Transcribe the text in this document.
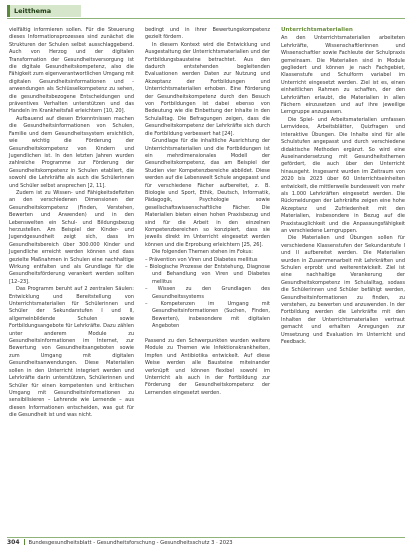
Leitthema

vielfältig informieren sollen. Für die Steuerung dieses Informationsprozesses sind zunächst die Strukturen der Schulen selbst ausschlaggebend. Auch von Herzog und der digitalen Transformation der Gesundheitsversorgung ist die digitale Gesundheitskompetenz, also die Fähigkeit zum eigenverantwortlichen Umgang mit digitalen Gesundheitsinformationen und -anwendungen als Schlüsselkompetenz zu sehen, die gesundheitsbezogene Entscheidungen und präventives Verhalten unterstützen und das Handeln im Krankheitsfall erleichtern [10, 20].

Aufbauend auf diesen Erkenntnissen machen die Gesundheitsinformationen von Schulen, Familie und dem Gesundheitssystem ersichtlich, wie wichtig die Förderung der Gesundheitskompetenz von Kindern und Jugendlichen ist. In den letzten Jahren wurden zahlreiche Programme zur Förderung der Gesundheitskompetenz in Schulen etabliert, die sowohl die Lehrkräfte als auch die Schülerinnen und Schüler selbst ansprechen [2, 11].

Zudem ist zu Wissen- und Fähigkeitsdefiziten an den verschiedenen Dimensionen der Gesundheitskompetenz (Finden, Verstehen, Bewerten und Anwenden) und in den Lebenswelten ein Schul- und Bildungsbezug herzustellen. Am Beispiel der Kinder- und Jugendgesundheit zeigt sich, dass im Gesundheitsbereich über 300.000 Kinder und Jugendliche erreicht werden können und dass gezielte Maßnahmen in Schulen eine nachhaltige Wirkung entfalten und als Grundlage für die Gesundheitsförderung verankert werden sollten [12–23].

Das Programm beruht auf 2 zentralen Säulen: Entwicklung und Bereitstellung von Unterrichtsmaterialien für Schülerinnen und Schüler der Sekundarstufen I und II, allgemeinbildende Schulen sowie Fortbildungsangebote für Lehrkräfte. Dazu zählen unter anderem Module zu Gesundheitsinformationen im Internet, zur Bewertung von Gesundheitsangeboten sowie zum Umgang mit digitalen Gesundheitsanwendungen. Diese Materialien sollen in den Unterricht integriert werden und Lehrkräfte darin unterstützen, Schülerinnen und Schüler für einen kompetenten und kritischen Umgang mit Gesundheitsinformationen zu sensibilisieren – Lehrende wie Lernende – aus diesen Informationen entscheiden, was gut für die Gesundheit ist und was nicht.

bedingt und in ihrer Bewertungskompetenz gezielt fördern.

In diesem Kontext wird die Entwicklung und Ausgestaltung der Unterrichtsmaterialien und der Fortbildungsbausteine betrachtet. Aus den dadurch entstehenden begleitenden Evaluationen werden Daten zur Nutzung und Akzeptanz der Fortbildungen und Unterrichtsmaterialien erhoben. Eine Förderung der Gesundheitskompetenz durch den Besuch von Fortbildungen ist dabei ebenso von Bedeutung wie die Einbettung der Inhalte in den Schulalltag. Die Befragungen zeigen, dass die Gesundheitskompetenz der Lehrkräfte sich durch die Fortbildung verbessert hat [24].

Grundlage für die inhaltliche Ausrichtung der Unterrichtsmaterialien und die Fortbildungen ist ein mehrdimensionales Modell der Gesundheitskompetenz, das am Beispiel der Studien vier Kompetenzbereiche abbildet. Diese werden auf die Lebenswelt Schule angepasst und für verschiedene Fächer aufbereitet, z. B. Biologie und Sport, Ethik, Deutsch, Informatik, Pädagogik, Psychologie sowie gesellschaftswissenschaftliche Fächer. Die Materialien bieten einen hohen Praxisbezug und sind für die Arbeit in den einzelnen Kompetenzbereichen so konzipiert, dass sie jeweils direkt im Unterricht eingesetzt werden können und die Erprobung erleichtern [25, 26].

Die folgenden Themen stehen im Fokus:

– Prävention von Viren und Diabetes mellitus
– Biologische Prozesse der Entstehung, Diagnose und Behandlung von Viren und Diabetes mellitus
– Wissen zu den Grundlagen des Gesundheitssystems
– Kompetenzen im Umgang mit Gesundheitsinformationen (Suchen, Finden, Bewerten), insbesondere mit digitalen Angeboten

Passend zu den Schwerpunkten wurden weitere Module zu Themen wie Infektionskrankheiten, Impfen und Antibiotika entwickelt. Auf diese Weise werden alle Bausteine miteinander verknüpft und können flexibel sowohl im Unterricht als auch in der Fortbildung zur Förderung der Gesundheitskompetenz der Lernenden eingesetzt werden.

Unterrichtsmaterialien

An den Unterrichtsmaterialien arbeiteten Lehrkräfte, Wissenschaftlerinnen und Wissenschaftler sowie Fachleute der Schulpraxis gemeinsam. Die Materialien sind in Module gegliedert und können je nach Fachgebiet, Klassenstufe und Schulform variabel im Unterricht eingesetzt werden. Ziel ist es, einen einheitlichen Rahmen zu schaffen, der den Lehrkräften erlaubt, die Materialien in allen Fächern einzusetzen und auf ihre jeweilige Lerngruppe anzupassen.

Die Spiel- und Arbeitsmaterialien umfassen Lernvideos, Arbeitsblätter, Quizfragen und interaktive Übungen. Die Inhalte sind für alle Schulstufen angepasst und durch verschiedene didaktische Methoden ergänzt. So wird eine Auseinandersetzung mit Gesundheitsthemen gefördert, die auch über den Unterricht hinausgeht. Insgesamt wurden im Zeitraum von 2020 bis 2023 über 60 Unterrichtseinheiten entwickelt, die mittlerweile bundesweit von mehr als 1.000 Lehrkräften eingesetzt werden. Die Rückmeldungen der Lehrkräfte zeigen eine hohe Akzeptanz und Zufriedenheit mit den Materialien, insbesondere in Bezug auf die Praxistauglichkeit und die Anpassungsfähigkeit an verschiedene Lerngruppen.

Die Materialien und Übungen sollen für verschiedene Klassenstufen der Sekundarstufe I und II aufbereitet werden. Die Materialien wurden in Zusammenarbeit mit Lehrkräften und Schulen erprobt und weiterentwickelt. Ziel ist eine nachhaltige Verankerung der Gesundheitskompetenz im Schulalltag, sodass die Schülerinnen und Schüler befähigt werden, Gesundheitsinformationen zu finden, zu verstehen, zu bewerten und anzuwenden. In der Fortbildung werden die Lehrkräfte mit den Inhalten der Unterrichtsmaterialien vertraut gemacht und erhalten Anregungen zur Umsetzung und Evaluation im Unterricht und Feedback.

304 Bundesgesundheitsblatt - Gesundheitsforschung - Gesundheitsschutz 3 · 2023
